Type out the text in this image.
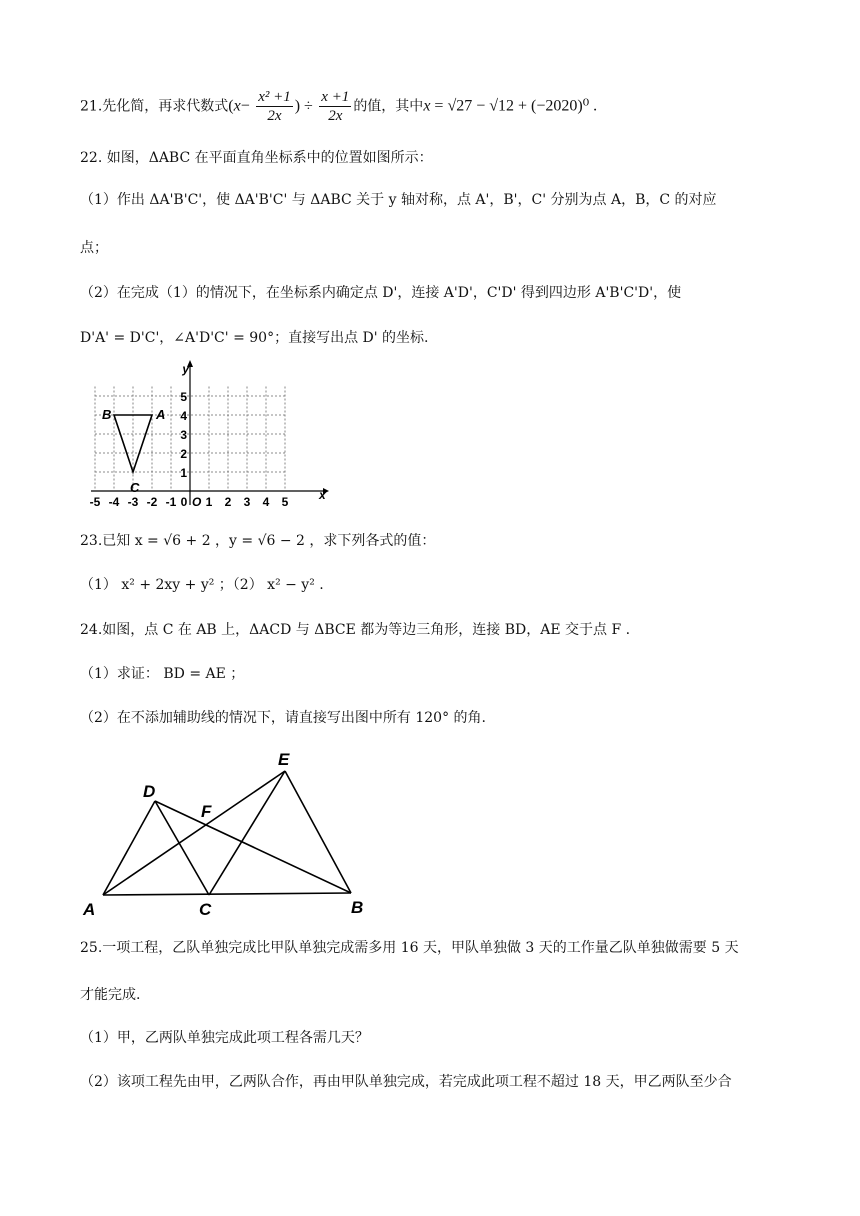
21.先化简，再求代数式($x- \frac{\text{x² +1}}{2x}$ ) ÷ $\frac{x +1}{2x}$ 的值，其中x = √27 − √12 + (−2020)⁰ .
22. 如图，ΔABC 在平面直角坐标系中的位置如图所示：
（1）作出 ΔA'B'C'，使 ΔA'B'C' 与 ΔABC 关于 y 轴对称，点 A'，B'，C' 分别为点 A，B，C 的对应
点；
（2）在完成（1）的情况下，在坐标系内确定点 D'，连接 A'D'，C'D' 得到四边形 A'B'C'D'，使
D'A' = D'C'，∠A'D'C' = 90°；直接写出点 D' 的坐标.
y
x
-5 -4 -3 -2 -1 0 1 2 3 4 5
1
2
3
4
5
O
B	A
C
23.已知 x = √6 + 2 ，y = √6 − 2 ，求下列各式的值：
（1） x² + 2xy + y² ；（2） x² − y² .
24.如图，点 C 在 AB 上，ΔACD 与 ΔBCE 都为等边三角形，连接 BD，AE 交于点 F .
（1）求证： BD = AE ；
（2）在不添加辅助线的情况下，请直接写出图中所有 120° 的角.
A	C	B
D
E
F
25.一项工程，乙队单独完成比甲队单独完成需多用 16 天，甲队单独做 3 天的工作量乙队单独做需要 5 天
才能完成.
（1）甲，乙两队单独完成此项工程各需几天？
（2）该项工程先由甲，乙两队合作，再由甲队单独完成，若完成此项工程不超过 18 天，甲乙两队至少合
